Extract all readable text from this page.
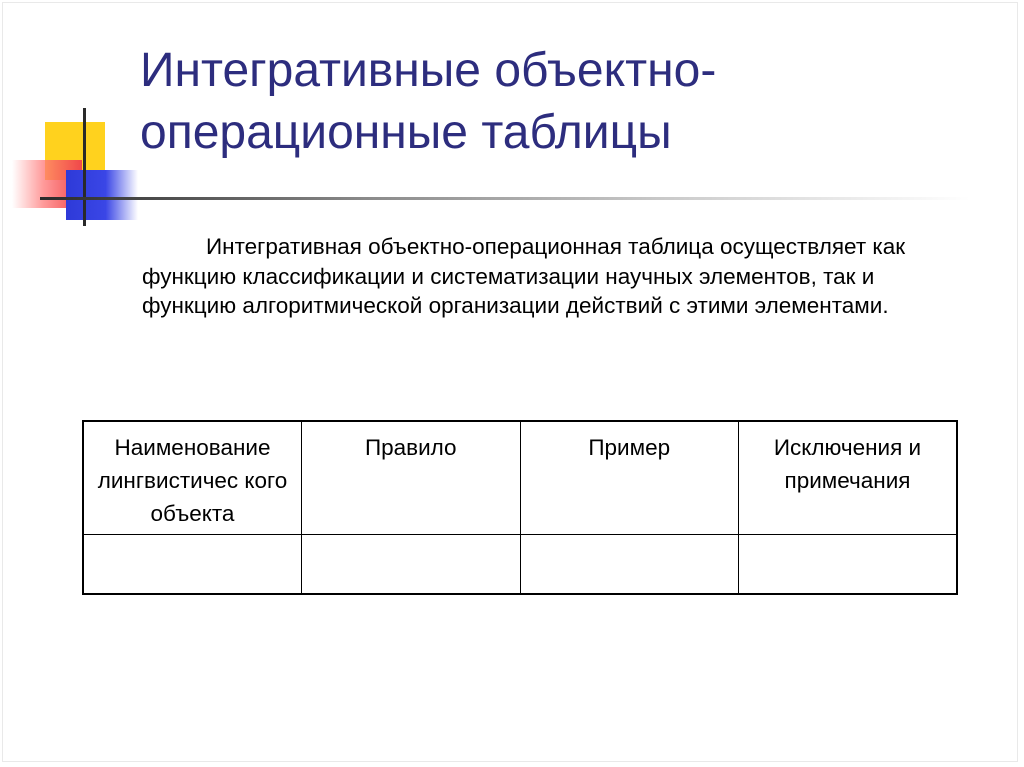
Интегративные объектно-операционные таблицы

Интегративная объектно-операционная таблица осуществляет как функцию классификации и систематизации научных элементов, так и функцию алгоритмической организации действий с этими элементами.

Наименование лингвистичес кого объекта	Правило	Пример	Исключения и примечания
